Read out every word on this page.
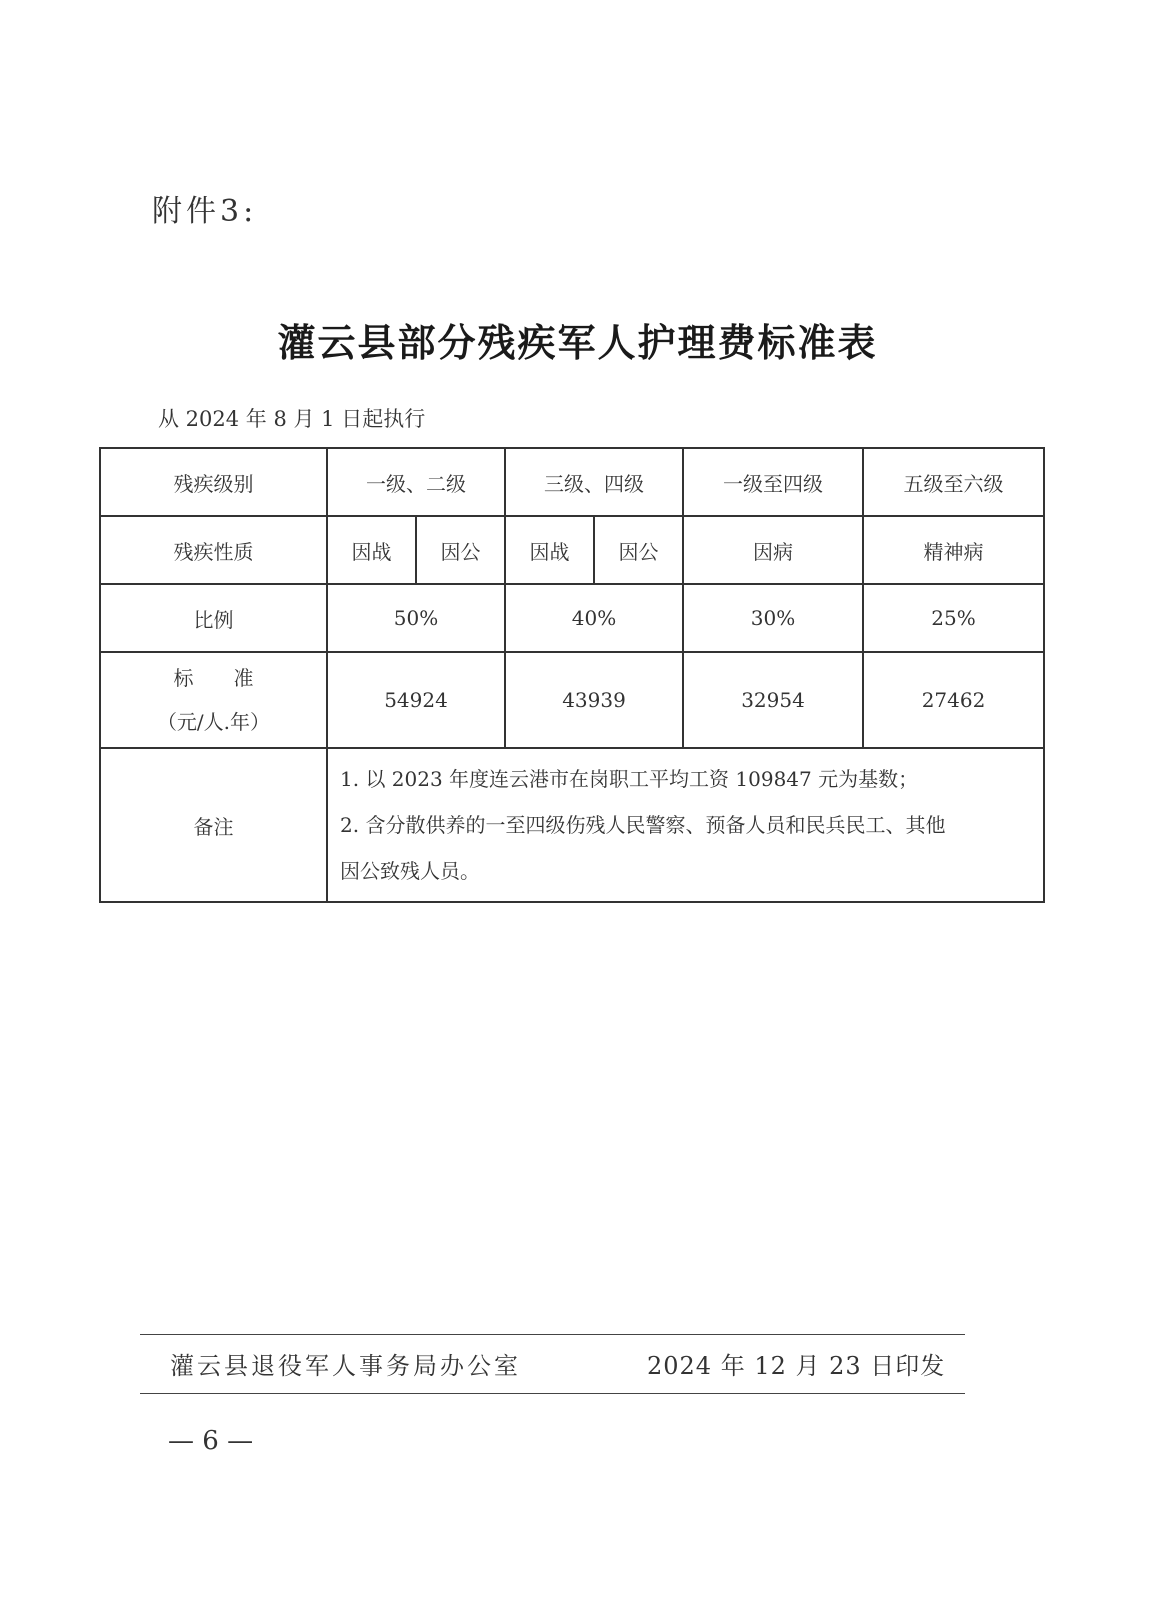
附件3:
灌云县部分残疾军人护理费标准表
从 2024 年 8 月 1 日起执行
残疾级别	一级、二级		三级、四级		一级至四级	五级至六级
残疾性质	因战	因公	因战	因公	因病	精神病
比例	50%		40%		30%	25%

标准
（元/人.年）	54924		43939		32954	27462
备注	1. 以 2023 年度连云港市在岗职工平均工资 109847 元为基数；
2. 含分散供养的一至四级伤残人民警察、预备人员和民兵民工、其他
因公致残人员。					
灌云县退役军人事务局办公室	2024 年 12 月 23 日印发
— 6 —
